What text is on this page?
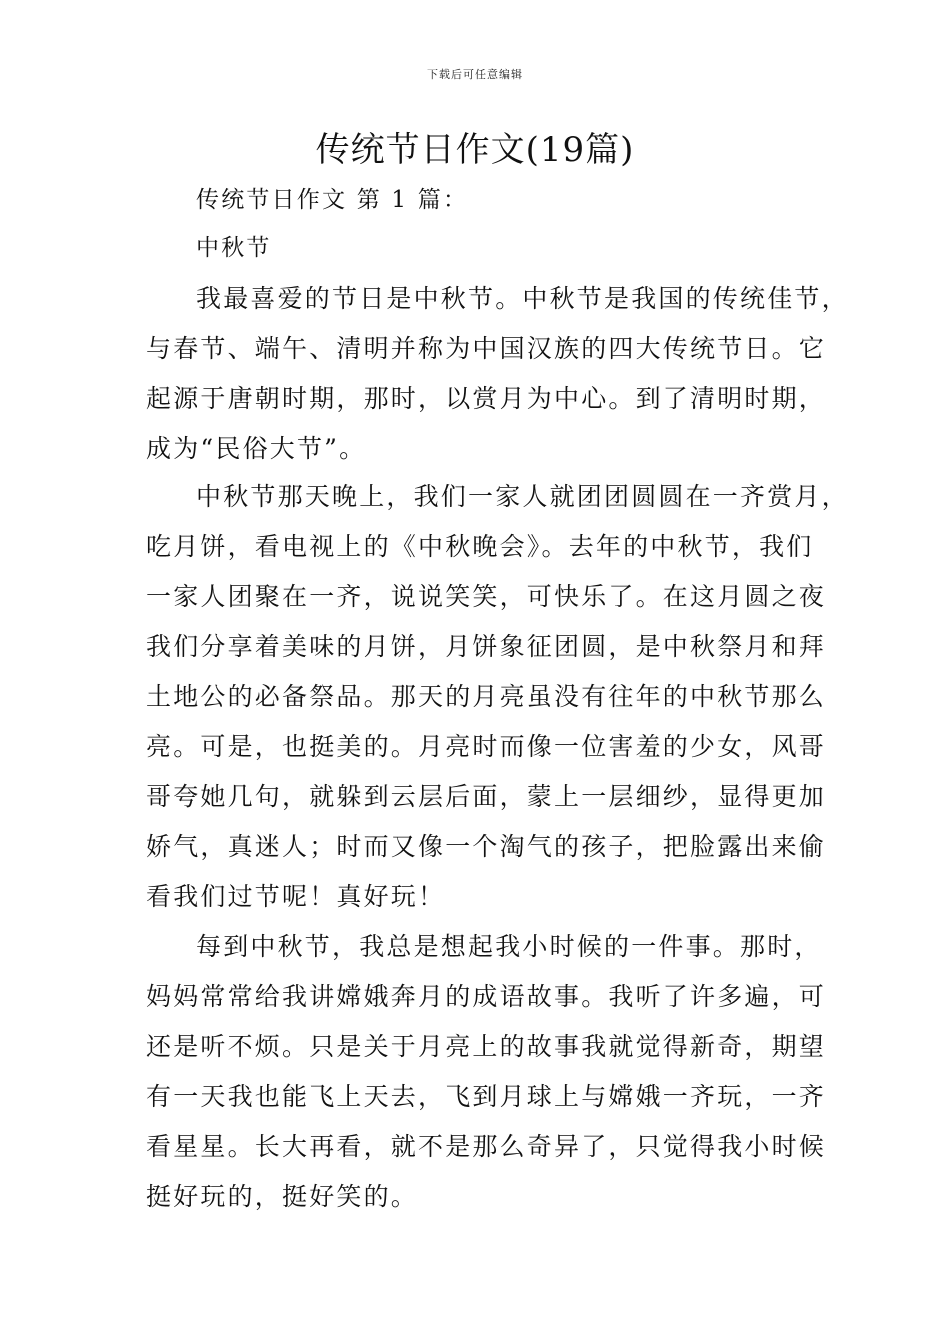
下载后可任意编辑
传统节日作文(19篇)
传统节日作文 第 1 篇：
中秋节
我最喜爱的节日是中秋节。中秋节是我国的传统佳节，
与春节、端午、清明并称为中国汉族的四大传统节日。它
起源于唐朝时期，那时，以赏月为中心。到了清明时期，
成为“民俗大节”。
中秋节那天晚上，我们一家人就团团圆圆在一齐赏月，
吃月饼，看电视上的《中秋晚会》。去年的中秋节，我们
一家人团聚在一齐，说说笑笑，可快乐了。在这月圆之夜
我们分享着美味的月饼，月饼象征团圆，是中秋祭月和拜
土地公的必备祭品。那天的月亮虽没有往年的中秋节那么
亮。可是，也挺美的。月亮时而像一位害羞的少女，风哥
哥夸她几句，就躲到云层后面，蒙上一层细纱，显得更加
娇气，真迷人；时而又像一个淘气的孩子，把脸露出来偷
看我们过节呢！真好玩！
每到中秋节，我总是想起我小时候的一件事。那时，
妈妈常常给我讲嫦娥奔月的成语故事。我听了许多遍，可
还是听不烦。只是关于月亮上的故事我就觉得新奇，期望
有一天我也能飞上天去，飞到月球上与嫦娥一齐玩，一齐
看星星。长大再看，就不是那么奇异了，只觉得我小时候
挺好玩的，挺好笑的。
